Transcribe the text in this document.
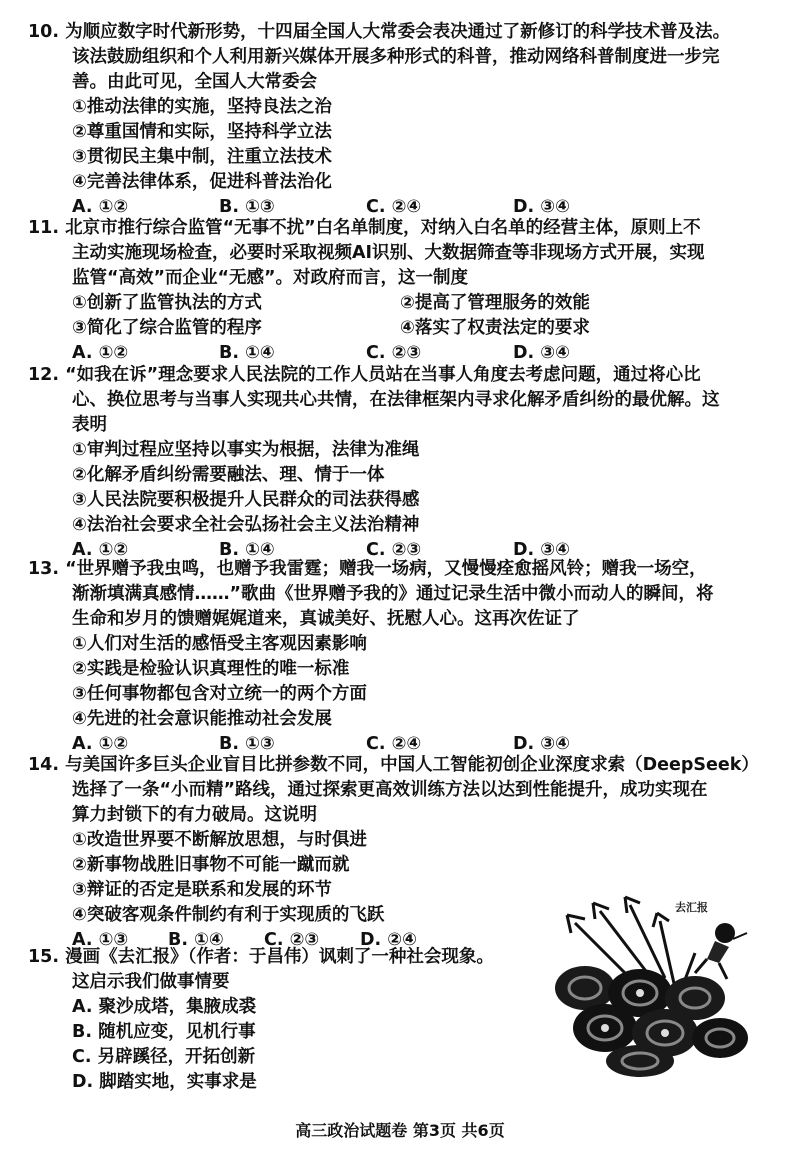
10. 为顺应数字时代新形势，十四届全国人大常委会表决通过了新修订的科学技术普及法。
该法鼓励组织和个人利用新兴媒体开展多种形式的科普，推动网络科普制度进一步完
善。由此可见，全国人大常委会
①推动法律的实施，坚持良法之治
②尊重国情和实际，坚持科学立法
③贯彻民主集中制，注重立法技术
④完善法律体系，促进科普法治化
A. ①②	B. ①③	C. ②④	D. ③④
11. 北京市推行综合监管“无事不扰”白名单制度，对纳入白名单的经营主体，原则上不
主动实施现场检查，必要时采取视频AI识别、大数据筛查等非现场方式开展，实现
监管“高效”而企业“无感”。对政府而言，这一制度
①创新了监管执法的方式	②提高了管理服务的效能
③简化了综合监管的程序	④落实了权责法定的要求
A. ①②	B. ①④	C. ②③	D. ③④
12. “如我在诉”理念要求人民法院的工作人员站在当事人角度去考虑问题，通过将心比
心、换位思考与当事人实现共心共情，在法律框架内寻求化解矛盾纠纷的最优解。这
表明
①审判过程应坚持以事实为根据，法律为准绳
②化解矛盾纠纷需要融法、理、情于一体
③人民法院要积极提升人民群众的司法获得感
④法治社会要求全社会弘扬社会主义法治精神
A. ①②	B. ①④	C. ②③	D. ③④
13. “世界赠予我虫鸣，也赠予我雷霆；赠我一场病，又慢慢痊愈摇风铃；赠我一场空，
渐渐填满真感情……”歌曲《世界赠予我的》通过记录生活中微小而动人的瞬间，将
生命和岁月的馈赠娓娓道来，真诚美好、抚慰人心。这再次佐证了
①人们对生活的感悟受主客观因素影响
②实践是检验认识真理性的唯一标准
③任何事物都包含对立统一的两个方面
④先进的社会意识能推动社会发展
A. ①②	B. ①③	C. ②④	D. ③④
14. 与美国许多巨头企业盲目比拼参数不同，中国人工智能初创企业深度求索（DeepSeek）
选择了一条“小而精”路线，通过探索更高效训练方法以达到性能提升，成功实现在
算力封锁下的有力破局。这说明
①改造世界要不断解放思想，与时俱进
②新事物战胜旧事物不可能一蹴而就
③辩证的否定是联系和发展的环节
④突破客观条件制约有利于实现质的飞跃
A. ①③	B. ①④	C. ②③	D. ②④
15. 漫画《去汇报》（作者：于昌伟）讽刺了一种社会现象。
这启示我们做事情要
A. 聚沙成塔，集腋成裘
B. 随机应变，见机行事
C. 另辟蹊径，开拓创新
D. 脚踏实地，实事求是
去汇报
高三政治试题卷 第3页 共6页
